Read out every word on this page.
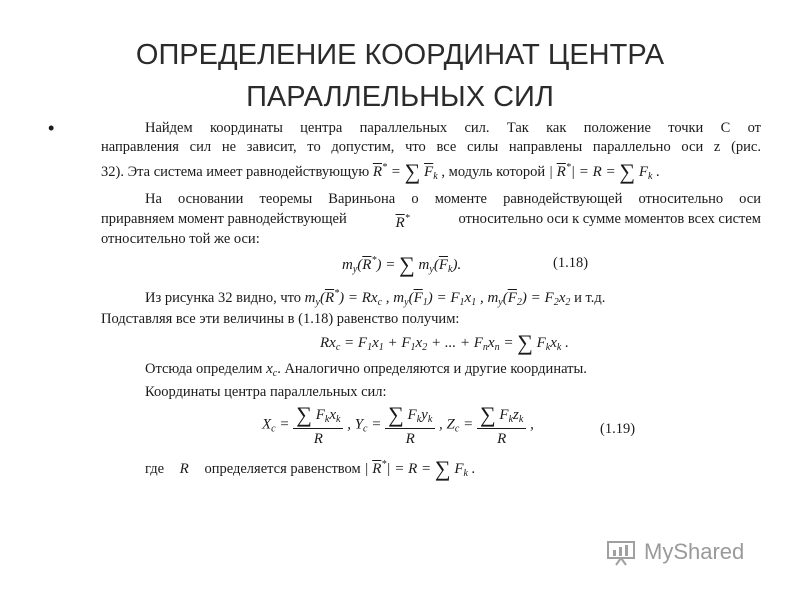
ОПРЕДЕЛЕНИЕ КООРДИНАТ ЦЕНТРА ПАРАЛЛЕЛЬНЫХ СИЛ
•	Найдем координаты центра параллельных сил. Так как положение точки C от
направления сил не зависит, то допустим, что все силы направлены параллельно оси z (рис.
32). Эта система имеет равнодействующую $\overline{R}^*$ = ∑ $\overline{F}_k$ , модуль которой | $\overline{R}^*| = R$ = ∑ $F_k$ .
На основании теоремы Вариньона о моменте равнодействующей относительно оси
приравняем момент равнодействующей	$\overline{R}^*$	относительно оси к сумме моментов всех систем
относительно той же оси:
$m_y(\overline{R}^*)$ = ∑ $m_y(\overline{F}_k)$.	(1.18)
Из рисунка 32 видно, что $m_y(\overline{R}^*) = Rx_c$ , $m_y(\overline{F}_1) = F_1x_1$ , $m_y(\overline{F}_2) = F_2x_2$ и т.д.
Подставляя все эти величины в (1.18) равенство получим:
$Rx_c = F_1x_1 + F_1x_2$ + ... + $F_nx_n$ = ∑ $F_kx_k$ .
Отсюда определим $x_c$. Аналогично определяются и другие координаты.
Координаты центра параллельных сил:
$X_c = \frac{\sum F_kx_k}{R}$ , $Y_c = \frac{\sum F_ky_k}{R}$ , $Z_c = \frac{\sum F_kz_k}{R}$ ,	(1.19)
где R определяется равенством | $\overline{R}^*| = R$ = ∑ $F_k$ .
MyShared
